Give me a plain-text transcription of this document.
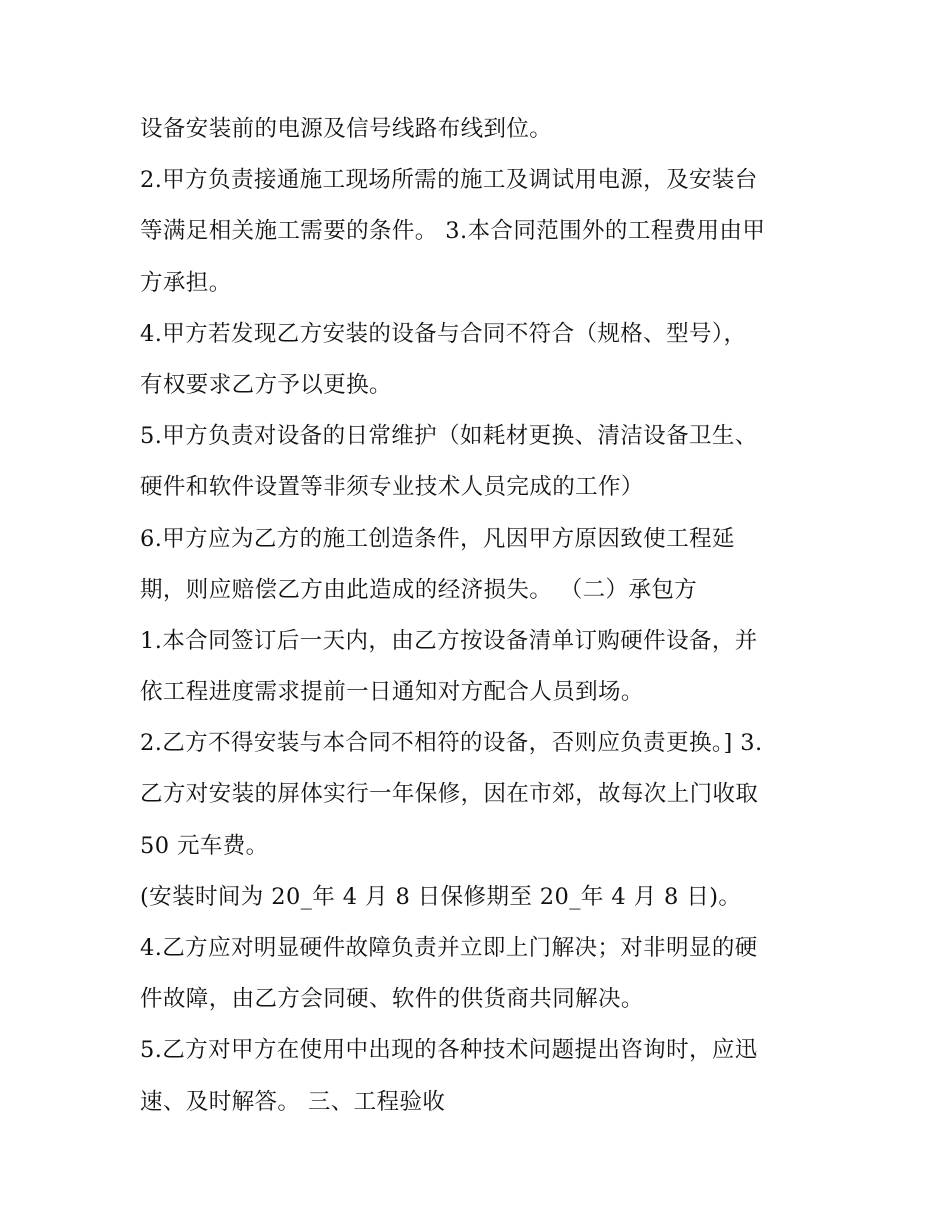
设备安装前的电源及信号线路布线到位。
2.甲方负责接通施工现场所需的施工及调试用电源，及安装台
等满足相关施工需要的条件。 3.本合同范围外的工程费用由甲
方承担。
4.甲方若发现乙方安装的设备与合同不符合（规格、型号），
有权要求乙方予以更换。
5.甲方负责对设备的日常维护（如耗材更换、清洁设备卫生、
硬件和软件设置等非须专业技术人员完成的工作）
6.甲方应为乙方的施工创造条件，凡因甲方原因致使工程延
期，则应赔偿乙方由此造成的经济损失。 （二）承包方
1.本合同签订后一天内，由乙方按设备清单订购硬件设备，并
依工程进度需求提前一日通知对方配合人员到场。
2.乙方不得安装与本合同不相符的设备，否则应负责更换。] 3.
乙方对安装的屏体实行一年保修，因在市郊，故每次上门收取
50 元车费。
(安装时间为 20_年 4 月 8 日保修期至 20_年 4 月 8 日)。
4.乙方应对明显硬件故障负责并立即上门解决；对非明显的硬
件故障，由乙方会同硬、软件的供货商共同解决。
5.乙方对甲方在使用中出现的各种技术问题提出咨询时，应迅
速、及时解答。 三、工程验收
